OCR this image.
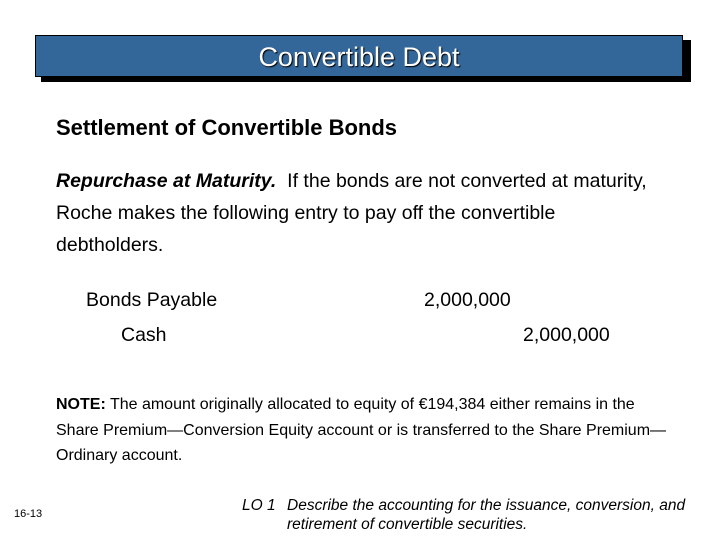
Convertible Debt
Settlement of Convertible Bonds
Repurchase at Maturity.  If the bonds are not converted at maturity, Roche makes the following entry to pay off the convertible debtholders.
Bonds Payable	2,000,000
Cash	2,000,000
NOTE: The amount originally allocated to equity of €194,384 either remains in the Share Premium—Conversion Equity account or is transferred to the Share Premium—Ordinary account.
16-13	LO 1 Describe the accounting for the issuance, conversion, and retirement of convertible securities.
